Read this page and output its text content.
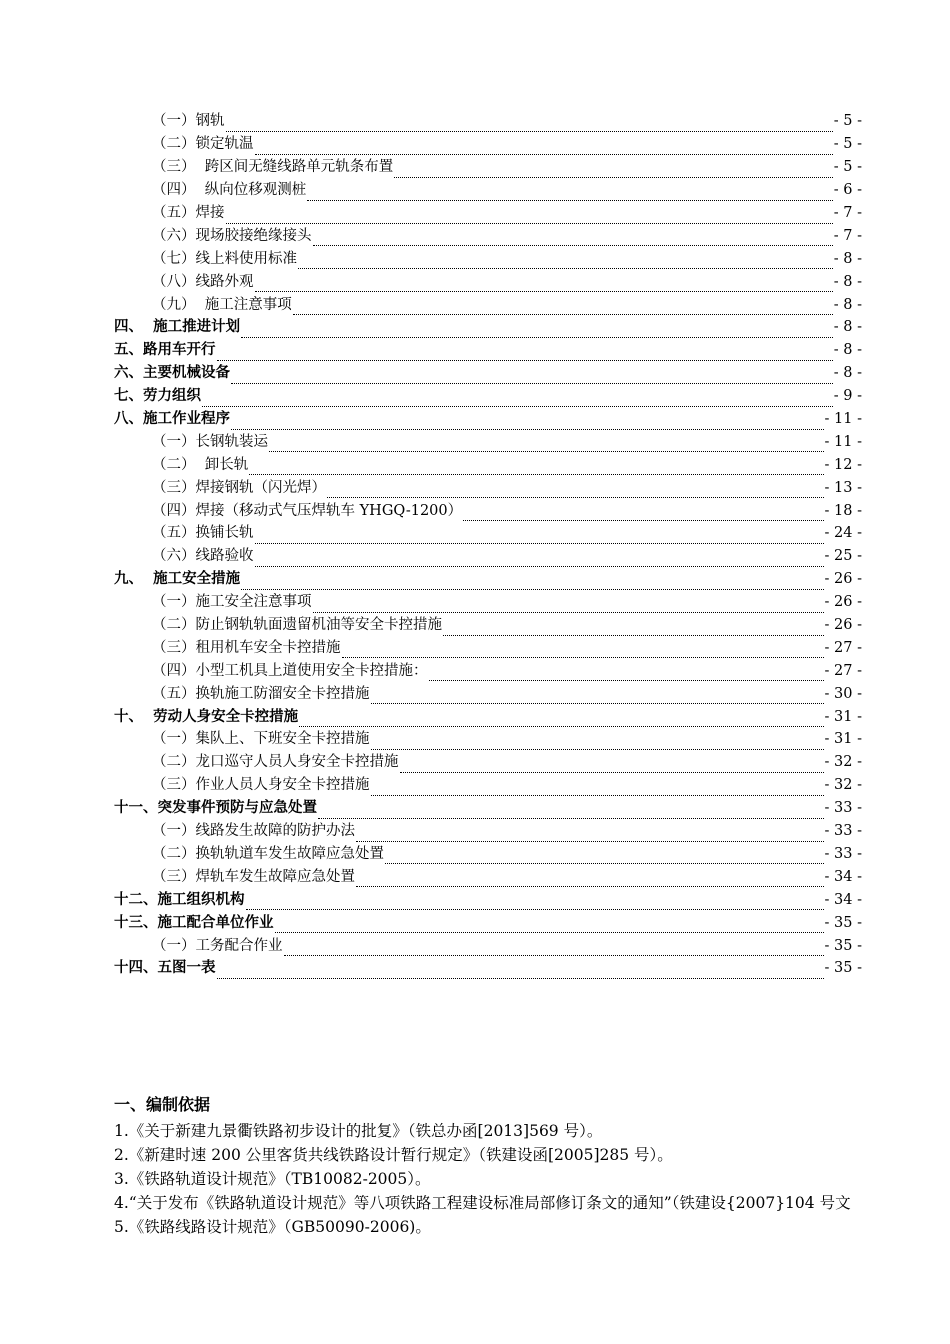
（一）钢轨	- 5 -
（二）锁定轨温	- 5 -
（三）  跨区间无缝线路单元轨条布置	- 5 -
（四）  纵向位移观测桩	- 6 -
（五）焊接	- 7 -
（六）现场胶接绝缘接头	- 7 -
（七）线上料使用标准	- 8 -
（八）线路外观	- 8 -
（九）  施工注意事项	- 8 -
四、  施工推进计划	- 8 -
五、路用车开行	- 8 -
六、主要机械设备	- 8 -
七、劳力组织	- 9 -
八、施工作业程序	- 11 -
（一）长钢轨装运	- 11 -
（二）  卸长轨	- 12 -
（三）焊接钢轨（闪光焊）	- 13 -
（四）焊接（移动式气压焊轨车 YHGQ-1200）	- 18 -
（五）换铺长轨	- 24 -
（六）线路验收	- 25 -
九、  施工安全措施	- 26 -
（一）施工安全注意事项	- 26 -
（二）防止钢轨轨面遗留机油等安全卡控措施	- 26 -
（三）租用机车安全卡控措施	- 27 -
（四）小型工机具上道使用安全卡控措施：	- 27 -
（五）换轨施工防溜安全卡控措施	- 30 -
十、  劳动人身安全卡控措施	- 31 -
（一）集队上、下班安全卡控措施	- 31 -
（二）龙口巡守人员人身安全卡控措施	- 32 -
（三）作业人员人身安全卡控措施	- 32 -
十一、突发事件预防与应急处置	- 33 -
（一）线路发生故障的防护办法	- 33 -
（二）换轨轨道车发生故障应急处置	- 33 -
（三）焊轨车发生故障应急处置	- 34 -
十二、施工组织机构	- 34 -
十三、施工配合单位作业	- 35 -
（一）工务配合作业	- 35 -
十四、五图一表	- 35 -
一、编制依据

1.《关于新建九景衢铁路初步设计的批复》（铁总办函[2013]569 号）。

2.《新建时速 200 公里客货共线铁路设计暂行规定》（铁建设函[2005]285 号）。

3.《铁路轨道设计规范》（TB10082-2005）。

4.“关于发布《铁路轨道设计规范》等八项铁路工程建设标准局部修订条文的通知”（铁建设{2007}104 号文

5.《铁路线路设计规范》（GB50090-2006)。
